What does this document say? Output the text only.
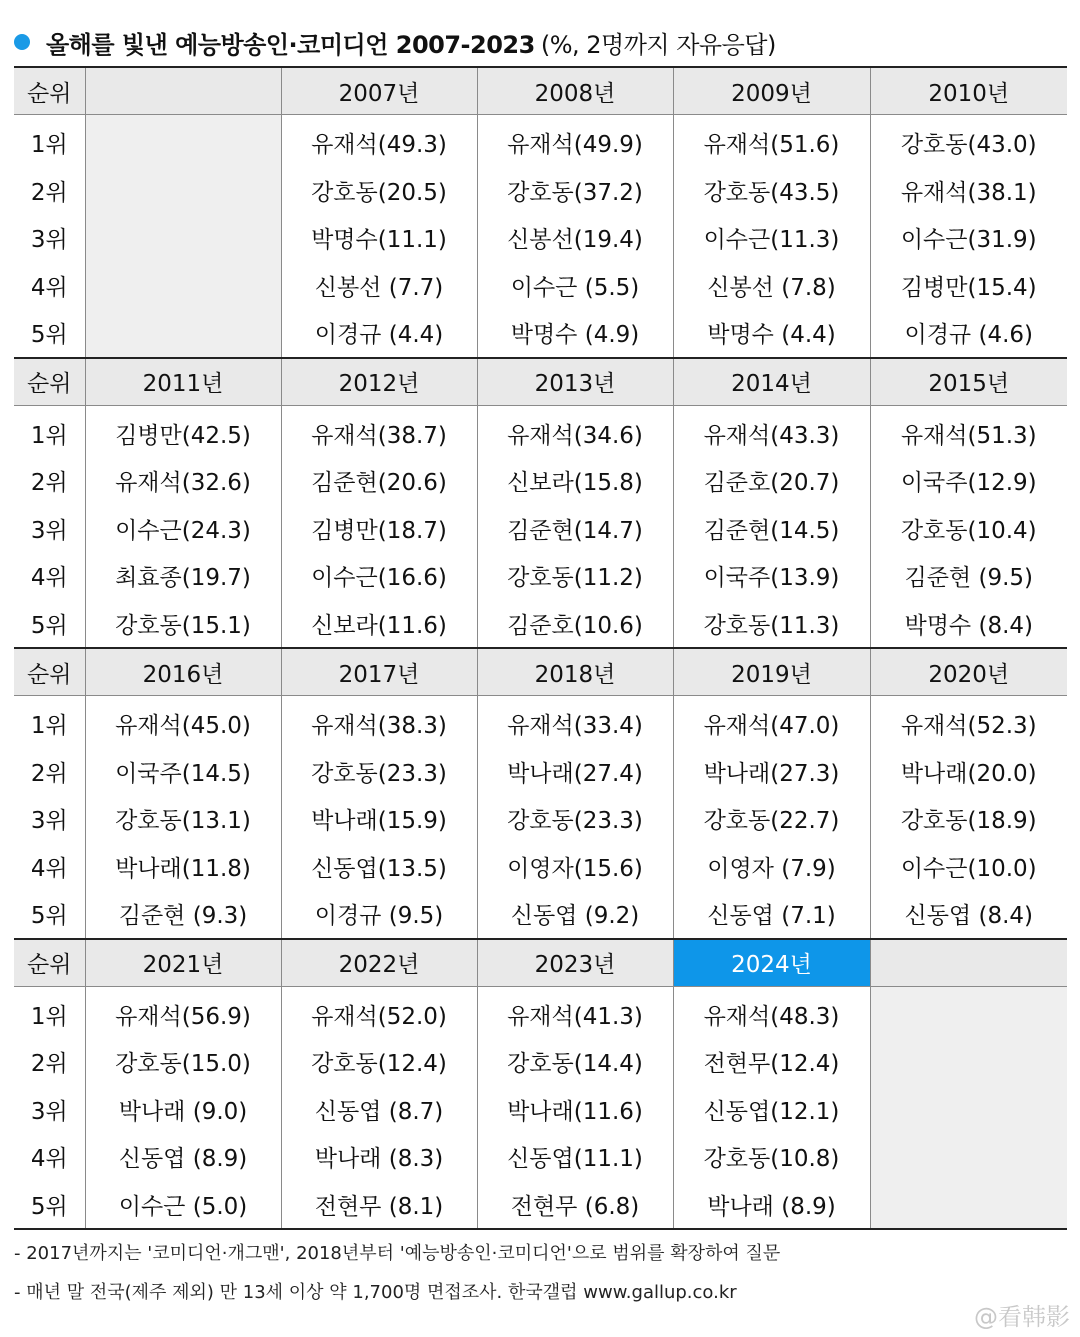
올해를 빛낸 예능방송인·코미디언 2007-2023 (%, 2명까지 자유응답)
순위		2007년	2008년	2009년	2010년
1위		유재석(49.3)	유재석(49.9)	유재석(51.6)	강호동(43.0)
2위		강호동(20.5)	강호동(37.2)	강호동(43.5)	유재석(38.1)
3위		박명수(11.1)	신봉선(19.4)	이수근(11.3)	이수근(31.9)
4위		신봉선 (7.7)	이수근 (5.5)	신봉선 (7.8)	김병만(15.4)
5위		이경규 (4.4)	박명수 (4.9)	박명수 (4.4)	이경규 (4.6)
순위	2011년	2012년	2013년	2014년	2015년
1위	김병만(42.5)	유재석(38.7)	유재석(34.6)	유재석(43.3)	유재석(51.3)
2위	유재석(32.6)	김준현(20.6)	신보라(15.8)	김준호(20.7)	이국주(12.9)
3위	이수근(24.3)	김병만(18.7)	김준현(14.7)	김준현(14.5)	강호동(10.4)
4위	최효종(19.7)	이수근(16.6)	강호동(11.2)	이국주(13.9)	김준현 (9.5)
5위	강호동(15.1)	신보라(11.6)	김준호(10.6)	강호동(11.3)	박명수 (8.4)
순위	2016년	2017년	2018년	2019년	2020년
1위	유재석(45.0)	유재석(38.3)	유재석(33.4)	유재석(47.0)	유재석(52.3)
2위	이국주(14.5)	강호동(23.3)	박나래(27.4)	박나래(27.3)	박나래(20.0)
3위	강호동(13.1)	박나래(15.9)	강호동(23.3)	강호동(22.7)	강호동(18.9)
4위	박나래(11.8)	신동엽(13.5)	이영자(15.6)	이영자 (7.9)	이수근(10.0)
5위	김준현 (9.3)	이경규 (9.5)	신동엽 (9.2)	신동엽 (7.1)	신동엽 (8.4)
순위	2021년	2022년	2023년	2024년	
1위	유재석(56.9)	유재석(52.0)	유재석(41.3)	유재석(48.3)	
2위	강호동(15.0)	강호동(12.4)	강호동(14.4)	전현무(12.4)	
3위	박나래 (9.0)	신동엽 (8.7)	박나래(11.6)	신동엽(12.1)	
4위	신동엽 (8.9)	박나래 (8.3)	신동엽(11.1)	강호동(10.8)	
5위	이수근 (5.0)	전현무 (8.1)	전현무 (6.8)	박나래 (8.9)	
- 2017년까지는 '코미디언·개그맨', 2018년부터 '예능방송인·코미디언'으로 범위를 확장하여 질문
- 매년 말 전국(제주 제외) 만 13세 이상 약 1,700명 면접조사. 한국갤럽 www.gallup.co.kr
@看韩影
